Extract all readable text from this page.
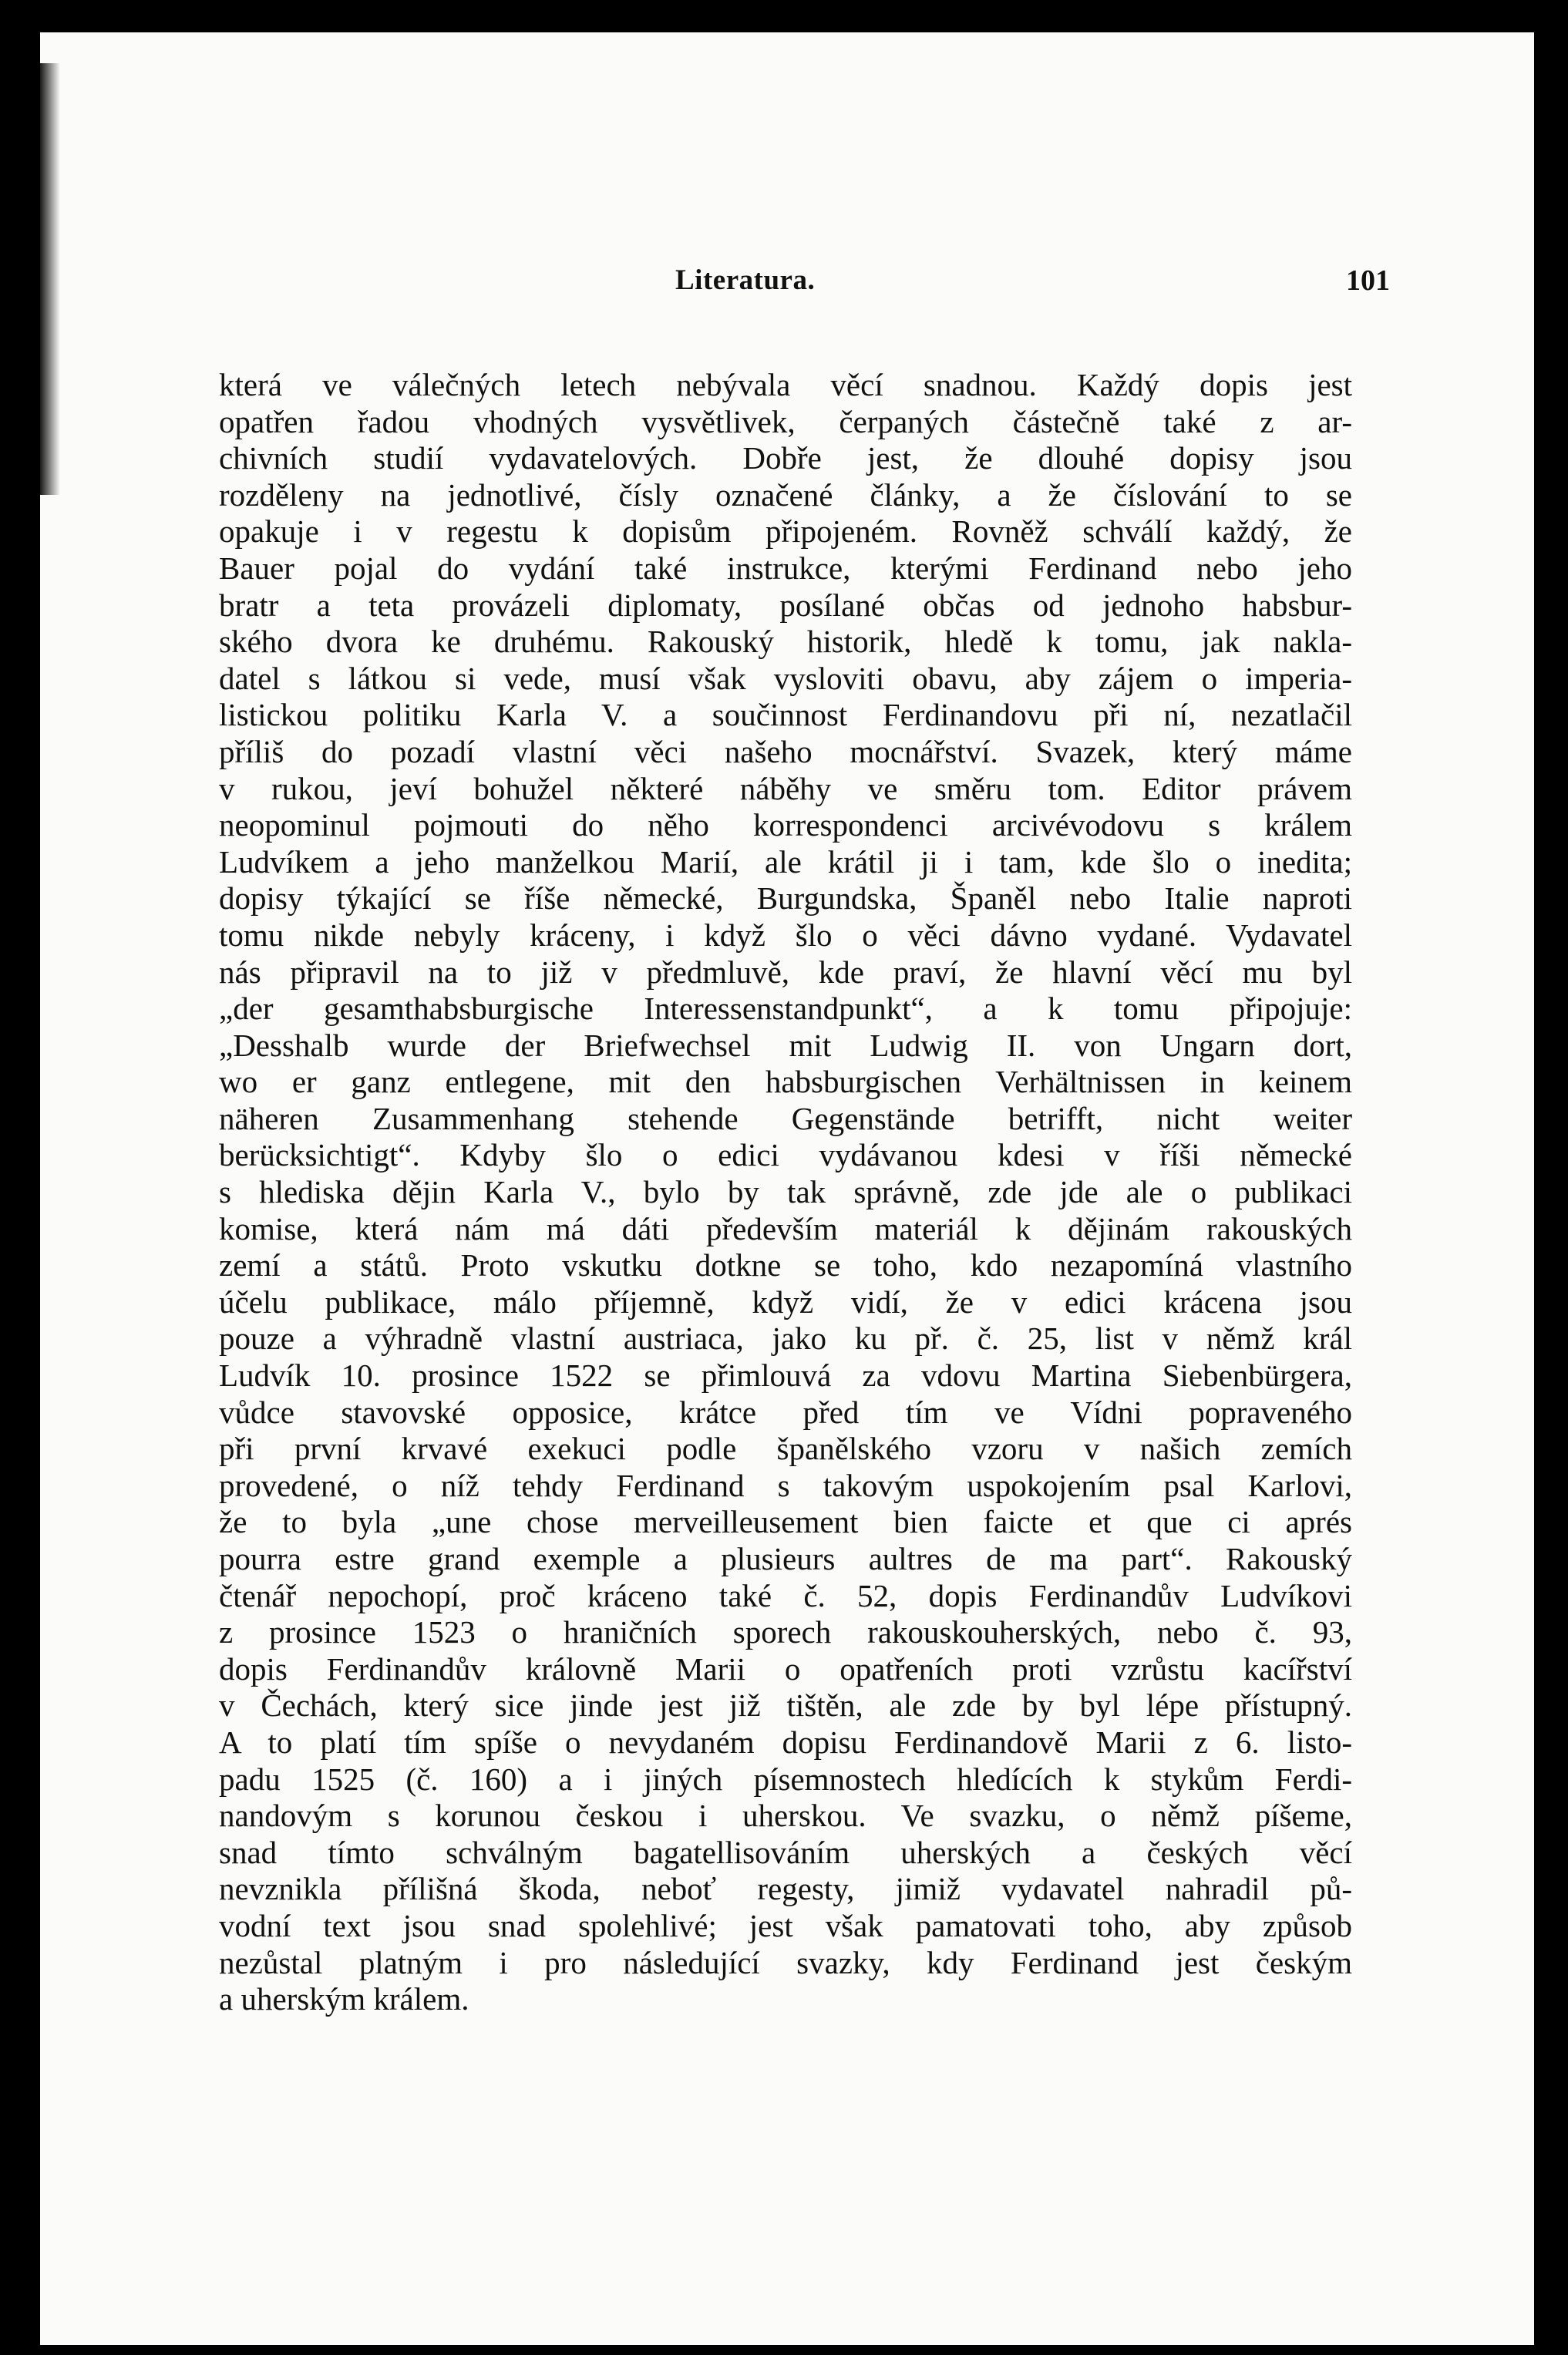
Literatura.	101
která ve válečných letech nebývala věcí snadnou. Každý dopis jest
opatřen řadou vhodných vysvětlivek, čerpaných částečně také z ar-
chivních studií vydavatelových. Dobře jest, že dlouhé dopisy jsou
rozděleny na jednotlivé, čísly označené články, a že číslování to se
opakuje i v regestu k dopisům připojeném. Rovněž schválí každý, že
Bauer pojal do vydání také instrukce, kterými Ferdinand nebo jeho
bratr a teta provázeli diplomaty, posílané občas od jednoho habsbur-
ského dvora ke druhému. Rakouský historik, hledě k tomu, jak nakla-
datel s látkou si vede, musí však vysloviti obavu, aby zájem o imperia-
listickou politiku Karla V. a součinnost Ferdinandovu při ní, nezatlačil
příliš do pozadí vlastní věci našeho mocnářství. Svazek, který máme
v rukou, jeví bohužel některé náběhy ve směru tom. Editor právem
neopominul pojmouti do něho korrespondenci arcivévodovu s králem
Ludvíkem a jeho manželkou Marií, ale krátil ji i tam, kde šlo o inedita;
dopisy týkající se říše německé, Burgundska, Španěl nebo Italie naproti
tomu nikde nebyly kráceny, i když šlo o věci dávno vydané. Vydavatel
nás připravil na to již v předmluvě, kde praví, že hlavní věcí mu byl
„der gesamthabsburgische Interessenstandpunkt“, a k tomu připojuje:
„Desshalb wurde der Briefwechsel mit Ludwig II. von Ungarn dort,
wo er ganz entlegene, mit den habsburgischen Verhältnissen in keinem
näheren Zusammenhang stehende Gegenstände betrifft, nicht weiter
berücksichtigt“. Kdyby šlo o edici vydávanou kdesi v říši německé
s hlediska dějin Karla V., bylo by tak správně, zde jde ale o publikaci
komise, která nám má dáti především materiál k dějinám rakouských
zemí a států. Proto vskutku dotkne se toho, kdo nezapomíná vlastního
účelu publikace, málo příjemně, když vidí, že v edici krácena jsou
pouze a výhradně vlastní austriaca, jako ku př. č. 25, list v němž král
Ludvík 10. prosince 1522 se přimlouvá za vdovu Martina Siebenbürgera,
vůdce stavovské opposice, krátce před tím ve Vídni popraveného
při první krvavé exekuci podle španělského vzoru v našich zemích
provedené, o níž tehdy Ferdinand s takovým uspokojením psal Karlovi,
že to byla „une chose merveilleusement bien faicte et que ci aprés
pourra estre grand exemple a plusieurs aultres de ma part“. Rakouský
čtenář nepochopí, proč kráceno také č. 52, dopis Ferdinandův Ludvíkovi
z prosince 1523 o hraničních sporech rakouskouherských, nebo č. 93,
dopis Ferdinandův královně Marii o opatřeních proti vzrůstu kacířství
v Čechách, který sice jinde jest již tištěn, ale zde by byl lépe přístupný.
A to platí tím spíše o nevydaném dopisu Ferdinandově Marii z 6. listo-
padu 1525 (č. 160) a i jiných písemnostech hledících k stykům Ferdi-
nandovým s korunou českou i uherskou. Ve svazku, o němž píšeme,
snad tímto schválným bagatellisováním uherských a českých věcí
nevznikla přílišná škoda, neboť regesty, jimiž vydavatel nahradil pů-
vodní text jsou snad spolehlivé; jest však pamatovati toho, aby způsob
nezůstal platným i pro následující svazky, kdy Ferdinand jest českým
a uherským králem.
